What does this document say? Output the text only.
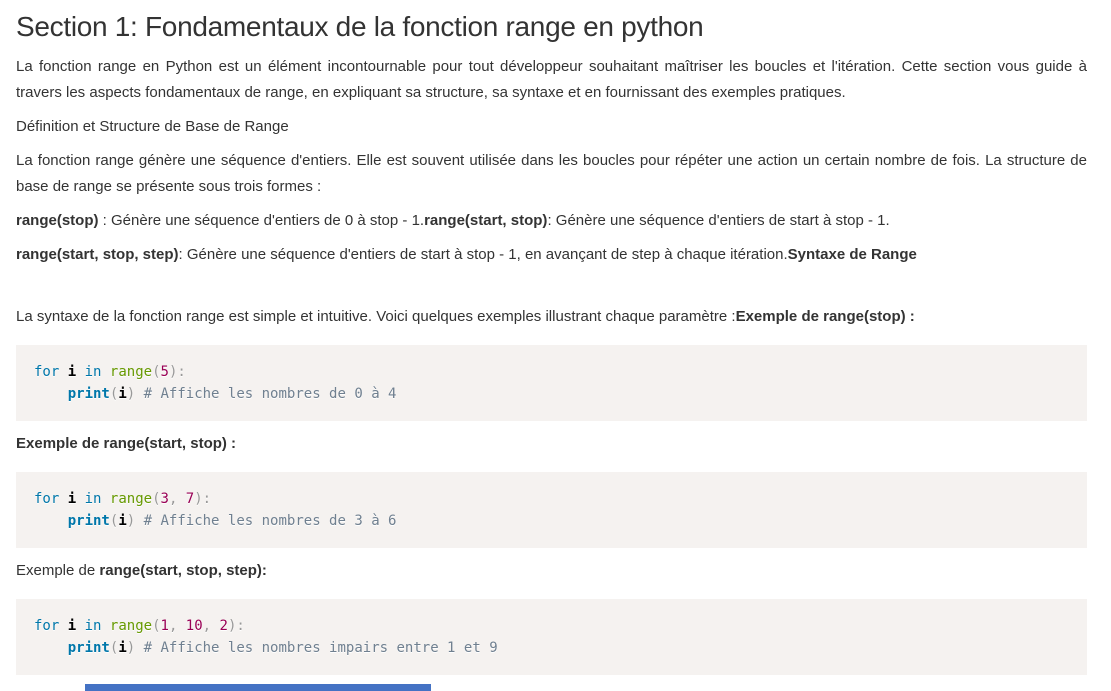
Section 1: Fondamentaux de la fonction range en python

La fonction range en Python est un élément incontournable pour tout développeur souhaitant maîtriser les boucles et l'itération. Cette section vous guide à travers les aspects fondamentaux de range, en expliquant sa structure, sa syntaxe et en fournissant des exemples pratiques.

Définition et Structure de Base de Range

La fonction range génère une séquence d'entiers. Elle est souvent utilisée dans les boucles pour répéter une action un certain nombre de fois. La structure de base de range se présente sous trois formes :

range(stop) : Génère une séquence d'entiers de 0 à stop - 1.range(start, stop): Génère une séquence d'entiers de start à stop - 1.

range(start, stop, step): Génère une séquence d'entiers de start à stop - 1, en avançant de step à chaque itération.Syntaxe de Range

La syntaxe de la fonction range est simple et intuitive. Voici quelques exemples illustrant chaque paramètre :Exemple de range(stop) :

for i in range(5):
print(i) # Affiche les nombres de 0 à 4

Exemple de range(start, stop) :

for i in range(3, 7):
print(i) # Affiche les nombres de 3 à 6

Exemple de range(start, stop, step):

for i in range(1, 10, 2):
print(i) # Affiche les nombres impairs entre 1 et 9
